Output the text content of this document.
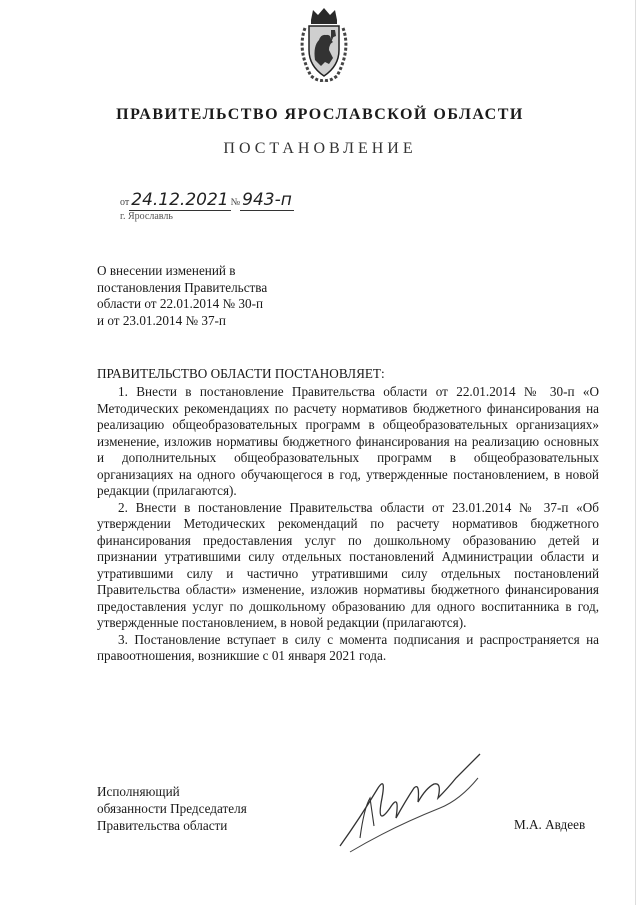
ПРАВИТЕЛЬСТВО ЯРОСЛАВСКОЙ ОБЛАСТИ
ПОСТАНОВЛЕНИЕ
от 24.12.2021 № 943-п
г. Ярославль
О внесении изменений в
постановления Правительства
области от 22.01.2014 № 30-п
и от 23.01.2014 № 37-п
ПРАВИТЕЛЬСТВО ОБЛАСТИ ПОСТАНОВЛЯЕТ:

1. Внести в постановление Правительства области от 22.01.2014 № 30-п «О Методических рекомендациях по расчету нормативов бюджетного финансирования на реализацию общеобразовательных программ в общеобразовательных организациях» изменение, изложив нормативы бюджетного финансирования на реализацию основных и дополнительных общеобразовательных программ в общеобразовательных организациях на одного обучающегося в год, утвержденные постановлением, в новой редакции (прилагаются).

2. Внести в постановление Правительства области от 23.01.2014 № 37-п «Об утверждении Методических рекомендаций по расчету нормативов бюджетного финансирования предоставления услуг по дошкольному образованию детей и признании утратившими силу отдельных постановлений Администрации области и утратившими силу и частично утратившими силу отдельных постановлений Правительства области» изменение, изложив нормативы бюджетного финансирования предоставления услуг по дошкольному образованию для одного воспитанника в год, утвержденные постановлением, в новой редакции (прилагаются).

3. Постановление вступает в силу с момента подписания и распространяется на правоотношения, возникшие с 01 января 2021 года.

Исполняющий
обязанности Председателя
Правительства области	М.А. Авдеев
